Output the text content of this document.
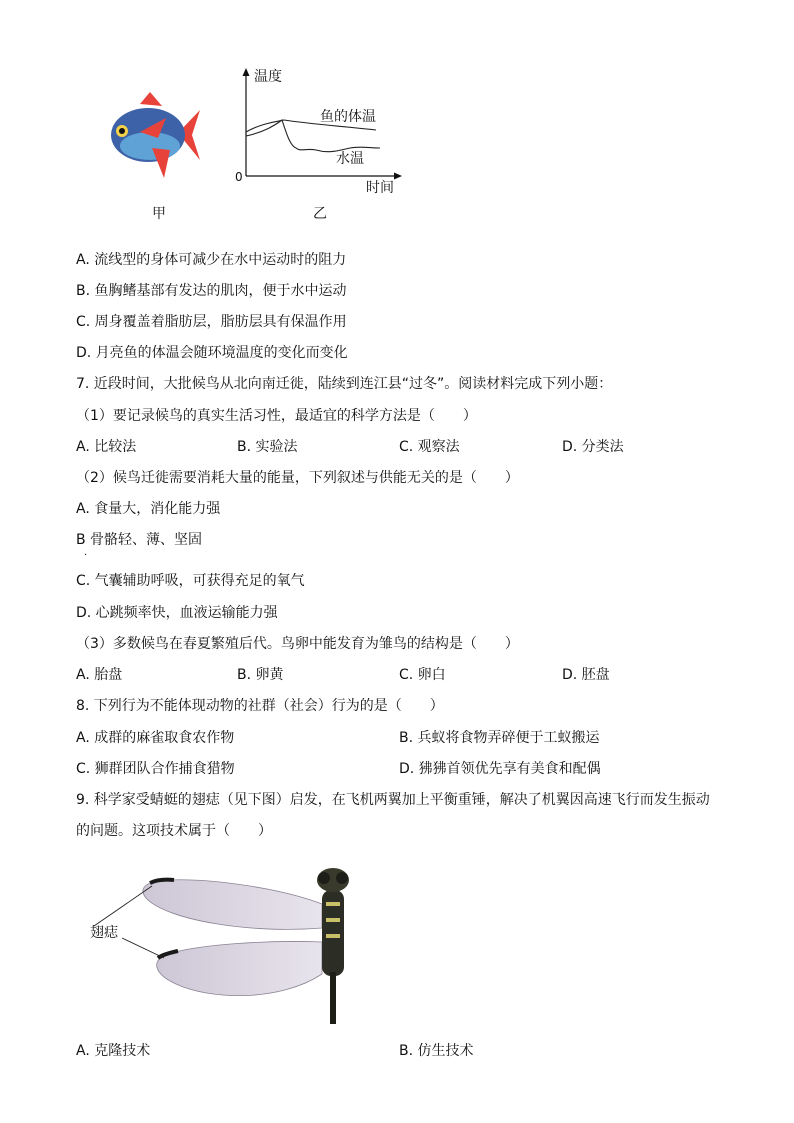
温度
鱼的体温
水温
0
时间
甲	乙
A. 流线型的身体可减少在水中运动时的阻力
B. 鱼胸鳍基部有发达的肌肉，便于水中运动
C. 周身覆盖着脂肪层，脂肪层具有保温作用
D. 月亮鱼的体温会随环境温度的变化而变化
7. 近段时间，大批候鸟从北向南迁徙，陆续到连江县“过冬”。阅读材料完成下列小题：
（1）要记录候鸟的真实生活习性，最适宜的科学方法是（　　）
A. 比较法	B. 实验法	C. 观察法	D. 分类法
（2）候鸟迁徙需要消耗大量的能量，下列叙述与供能无关的是（　　）
A. 食量大，消化能力强
B 骨骼轻、薄、坚固
.
C. 气囊辅助呼吸，可获得充足的氧气
D. 心跳频率快，血液运输能力强
（3）多数候鸟在春夏繁殖后代。鸟卵中能发育为雏鸟的结构是（　　）
A. 胎盘	B. 卵黄	C. 卵白	D. 胚盘
8. 下列行为不能体现动物的社群（社会）行为的是（　　）
A. 成群的麻雀取食农作物	B. 兵蚁将食物弄碎便于工蚁搬运
C. 狮群团队合作捕食猎物	D. 狒狒首领优先享有美食和配偶
9. 科学家受蜻蜓的翅痣（见下图）启发，在飞机两翼加上平衡重锤，解决了机翼因高速飞行而发生振动
的问题。这项技术属于（　　）
翅痣
A. 克隆技术	B. 仿生技术
